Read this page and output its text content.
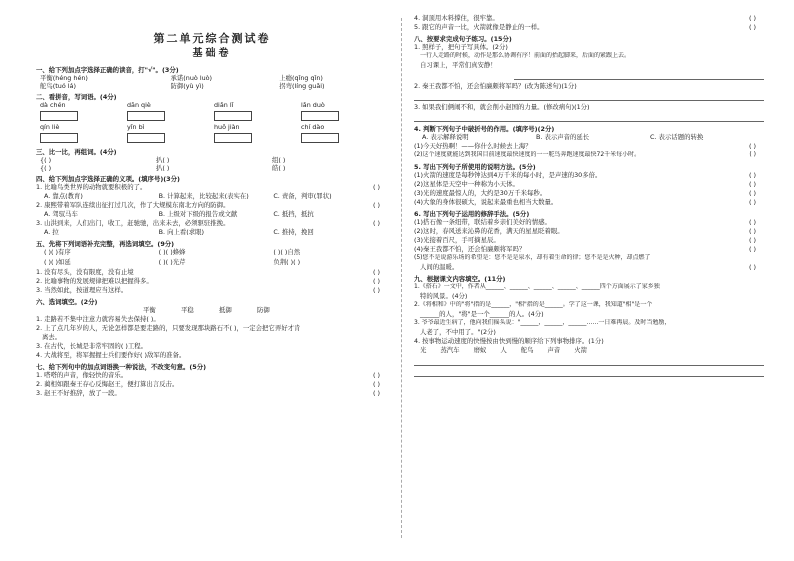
第二单元综合测试卷
基础卷
一、给下列加点字选择正确的读音，打"√"。(3分)
平衡(héng hén)	承诺(nuò luò)	上瘾(qǐng qǐn)
舵鸟(tuó lá)	防御(yù yì)	拐弯(líng guǎi)
二、看拼音，写词语。(4分)
dà chén	dān qiè	diǎn lǐ	lǎn duò
qín liè	yǐn bì	huǒ jiàn	chí dào
三、比一比，再组词。(4分)
{( )	扒( )	组( )
{( )	扒( )	皓( )
四、给下列加点字选择正确的义项。(填序号)(3分)
1. 比喻鸟类世界的动物就要积极的了。	( )
A. 靠点(教育)	B. 计算起来，比较起来(表实在)	C. 责备，判审(罪状)
2. 康熙带着军队连续出征打过几次，作了大规模东南北方向的防御。	( )
A. 驾驭马车	B. 上级对下级的报告或文献	C. 抵挡，抵抗
3. 山洪到来，人们出门，收工，赶驰驰，出来未去，必须驱驻推挽。	( )
A. 拉	B. 向上看(求眼)	C. 推持，挽回
五、先将下列词语补充完整，再选词填空。(9分)
( )( )有序	( )( )蜂蜂	( )( )自然
( )( )如延	( )( )光芹	负荆( )( )
1. 没有尽头，没有限度，没有止境	( )
2. 比喻事物的发展规律把难以把握得多。	( )
3. 当然如此，按道理应当这样。	( )
六、选词填空。(2分)
平衡	平稳	抵御	防御
1. 走路若不集中注意力就容易失去保持( )。
2. 上了点几年岁的人，无论怎样都是要走路的，只要发现那块路石不( )，一定会把它弄好才肯
离去。
3. 在古代，长城是非常牢固的( )工程。
4. 大战将至，将军握握士兵们要作好( )敌军的准备。
七、给下列句中的加点词语换一种说法，不改变句意。(5分)
1. 嗒嗒的声音，像轻快的音乐。	( )
2. 蔺相如跟秦王存心反悔赵王，便打算出言反击。	( )
3. 赵王不好推辞，放了一段。	( )
4. 洞顶用木料撑住，很牢靠。	( )
5. 跟它的声音一比，火箭就像是静止的一样。	( )
八、按要求完成句子练习。(15分)
1. 照样子，把句子写具体。(2分)
一行人走路的时候，动作是那么协调有序！前面的抬起脚来，后面的紧跟上去。
自习课上，平常们真安静！
2. 秦王我都不怕，还会怕廉颇将军吗？(改为陈述句)(1分)
3. 如果我们俩闹不和，就会削小赵国的力量。(修改病句)(1分)
4. 判断下列句子中破折号的作用。(填序号)(2分)
A. 表示解释说明	B. 表示声音的延长	C. 表示话题的转换
(1)今天好热啊！——你什么时候去上海？	( )
(2)这个速度就能达到我国目前速度最快速度的一一舵鸟奔跑速度最快72千米每小时。	( )
5. 写出下列句子所使用的说明方法。(5分)
(1)火箭的速度是每秒钟达到4万千米的每小时，是声速的30多倍。	( )
(2)这星体是天空中一种称为小天体。	( )
(3)光的速度最惊人的，大约是30万千米每秒。	( )
(4)大象的身体很硕大，说起来最重也相当大数量。	( )
6. 写出下列句子运用的修辞手法。(5分)
(1)搭石像一条纽带，联结着乡亲们美好的情感。	( )
(2)这时，春风送来沁鼻的花香，满天的星星眨着眼。	( )
(3)光接着百尺，手可摘星辰。	( )
(4)秦王我都不怕，还会怕廉颇将军吗？	( )
(5)您不是说游乐场的希望是：您不是是泉水，却有着生命的律；您不是是火种，却点燃了
人间的温暖。	( )
九、根据课文内容填空。(11分)
1.《搭石》一文中，作者从______、______、______、______、______四个方面展示了家乡独
特的风景。(4分)
2.《将相和》中的"将"指的是______，"相"指的是______。学了这一课，我知道"相"是一个
______的人，"将"是一个______的人。(4分)
3. 爷爷最近生病了，他向我们摇头说："______，______，______……一日难再晨。及时当勉励，
人老了，不中用了。"(2分)
4. 按事物运动速度的快慢按由快到慢的顺序给下列事物排序。(1分)
光 蒸汽车 磨蚁 人 舵鸟 声音 火箭
